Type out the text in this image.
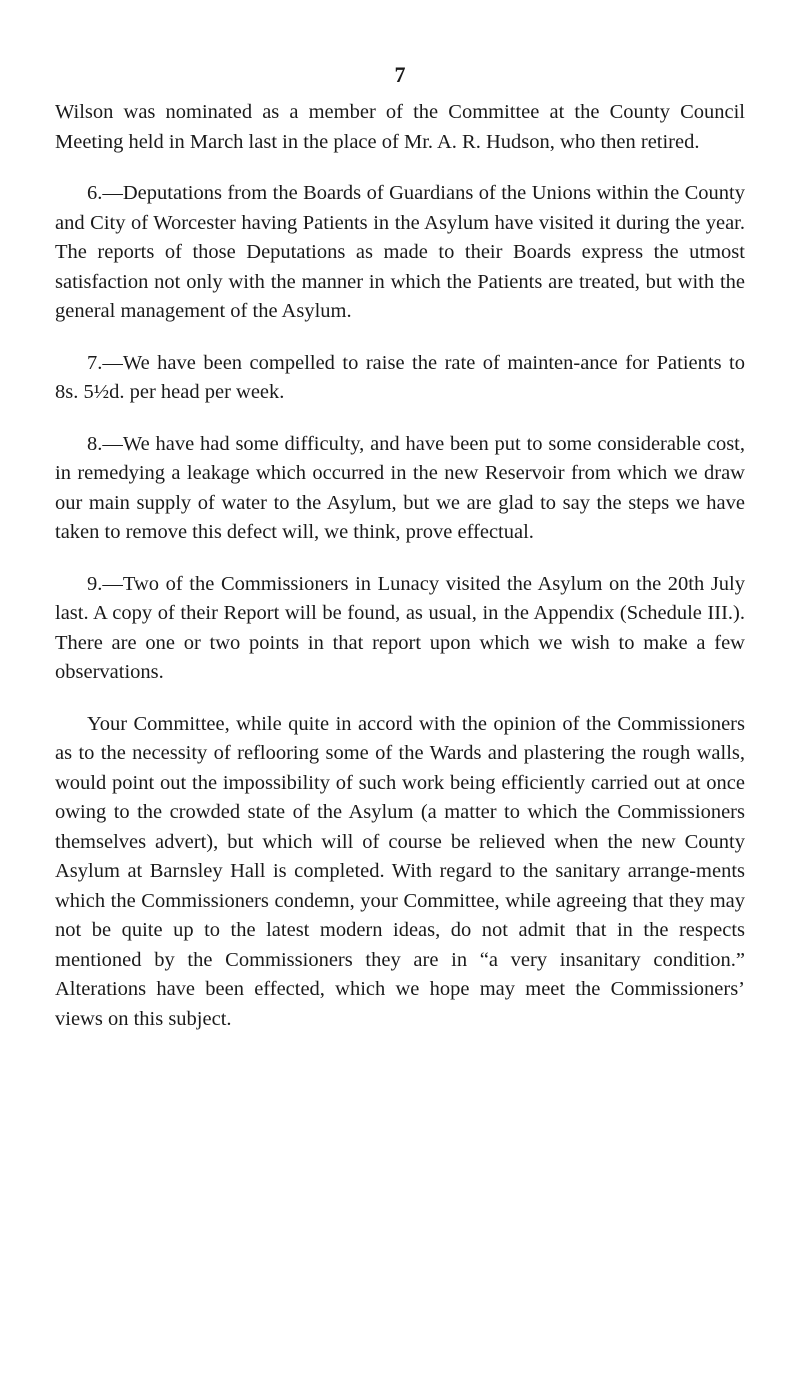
7

Wilson was nominated as a member of the Committee at the County Council Meeting held in March last in the place of Mr. A. R. Hudson, who then retired.

6.—Deputations from the Boards of Guardians of the Unions within the County and City of Worcester having Patients in the Asylum have visited it during the year. The reports of those Deputations as made to their Boards express the utmost satisfaction not only with the manner in which the Patients are treated, but with the general management of the Asylum.

7.—We have been compelled to raise the rate of mainten-ance for Patients to 8s. 5½d. per head per week.

8.—We have had some difficulty, and have been put to some considerable cost, in remedying a leakage which occurred in the new Reservoir from which we draw our main supply of water to the Asylum, but we are glad to say the steps we have taken to remove this defect will, we think, prove effectual.

9.—Two of the Commissioners in Lunacy visited the Asylum on the 20th July last. A copy of their Report will be found, as usual, in the Appendix (Schedule III.). There are one or two points in that report upon which we wish to make a few observations.

Your Committee, while quite in accord with the opinion of the Commissioners as to the necessity of reflooring some of the Wards and plastering the rough walls, would point out the impossibility of such work being efficiently carried out at once owing to the crowded state of the Asylum (a matter to which the Commissioners themselves advert), but which will of course be relieved when the new County Asylum at Barnsley Hall is completed. With regard to the sanitary arrange-ments which the Commissioners condemn, your Committee, while agreeing that they may not be quite up to the latest modern ideas, do not admit that in the respects mentioned by the Commissioners they are in “a very insanitary condition.” Alterations have been effected, which we hope may meet the Commissioners’ views on this subject.
